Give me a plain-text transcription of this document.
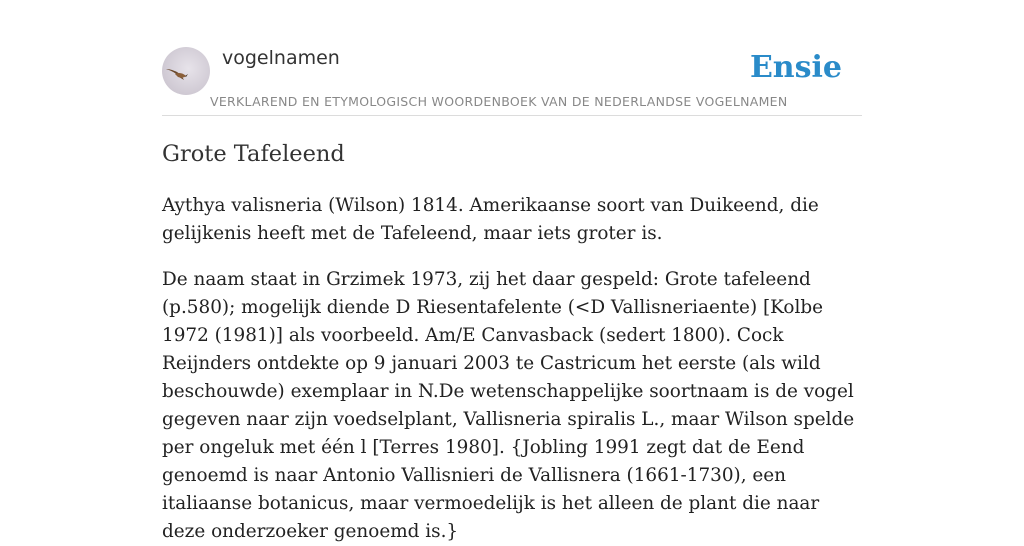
vogelnamen
VERKLAREND EN ETYMOLOGISCH WOORDENBOEK VAN DE NEDERLANDSE VOGELNAMEN
Ensie
Grote Tafeleend

Aythya valisneria (Wilson) 1814. Amerikaanse soort van Duikeend, die gelijkenis heeft met de Tafeleend, maar iets groter is.

De naam staat in Grzimek 1973, zij het daar gespeld: Grote tafeleend (p.580); mogelijk diende D Riesentafelente (<D Vallisneriaente) [Kolbe 1972 (1981)] als voorbeeld. Am/E Canvasback (sedert 1800). Cock Reijnders ontdekte op 9 januari 2003 te Castricum het eerste (als wild beschouwde) exemplaar in N.De wetenschappelijke soortnaam is de vogel gegeven naar zijn voedselplant, Vallisneria spiralis L., maar Wilson spelde per ongeluk met één l [Terres 1980]. {Jobling 1991 zegt dat de Eend genoemd is naar Antonio Vallisnieri de Vallisnera (1661-1730), een italiaanse botanicus, maar vermoedelijk is het alleen de plant die naar deze onderzoeker genoemd is.}
